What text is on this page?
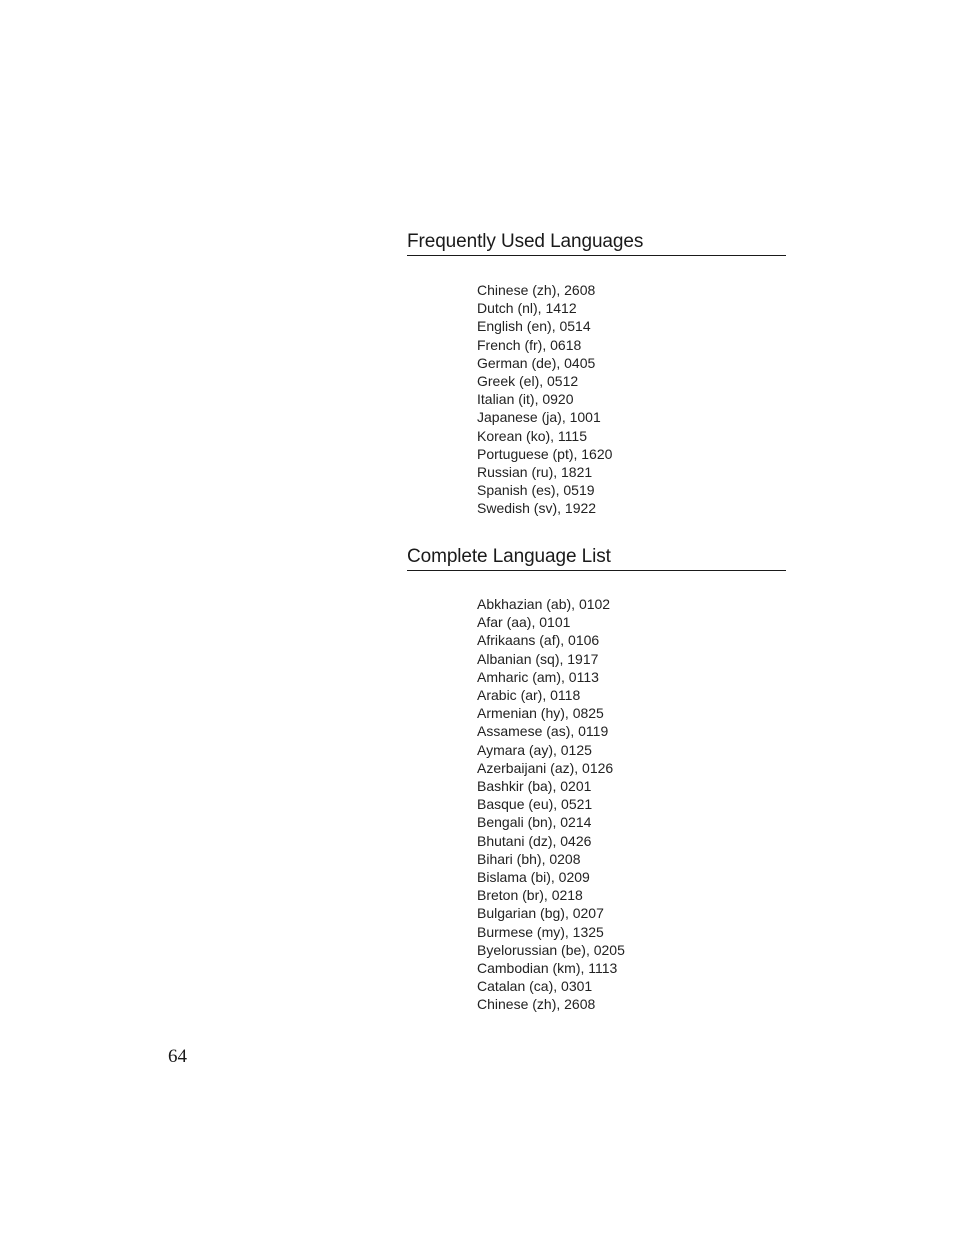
Frequently Used Languages
Chinese (zh), 2608
Dutch (nl), 1412
English (en), 0514
French (fr), 0618
German (de), 0405
Greek (el), 0512
Italian (it), 0920
Japanese (ja), 1001
Korean (ko), 1115
Portuguese (pt), 1620
Russian (ru), 1821
Spanish (es), 0519
Swedish (sv), 1922
Complete Language List
Abkhazian (ab), 0102
Afar (aa), 0101
Afrikaans (af), 0106
Albanian (sq), 1917
Amharic (am), 0113
Arabic (ar), 0118
Armenian (hy), 0825
Assamese (as), 0119
Aymara (ay), 0125
Azerbaijani (az), 0126
Bashkir (ba), 0201
Basque (eu), 0521
Bengali (bn), 0214
Bhutani (dz), 0426
Bihari (bh), 0208
Bislama (bi), 0209
Breton (br), 0218
Bulgarian (bg), 0207
Burmese (my), 1325
Byelorussian (be), 0205
Cambodian (km), 1113
Catalan (ca), 0301
Chinese (zh), 2608
64
